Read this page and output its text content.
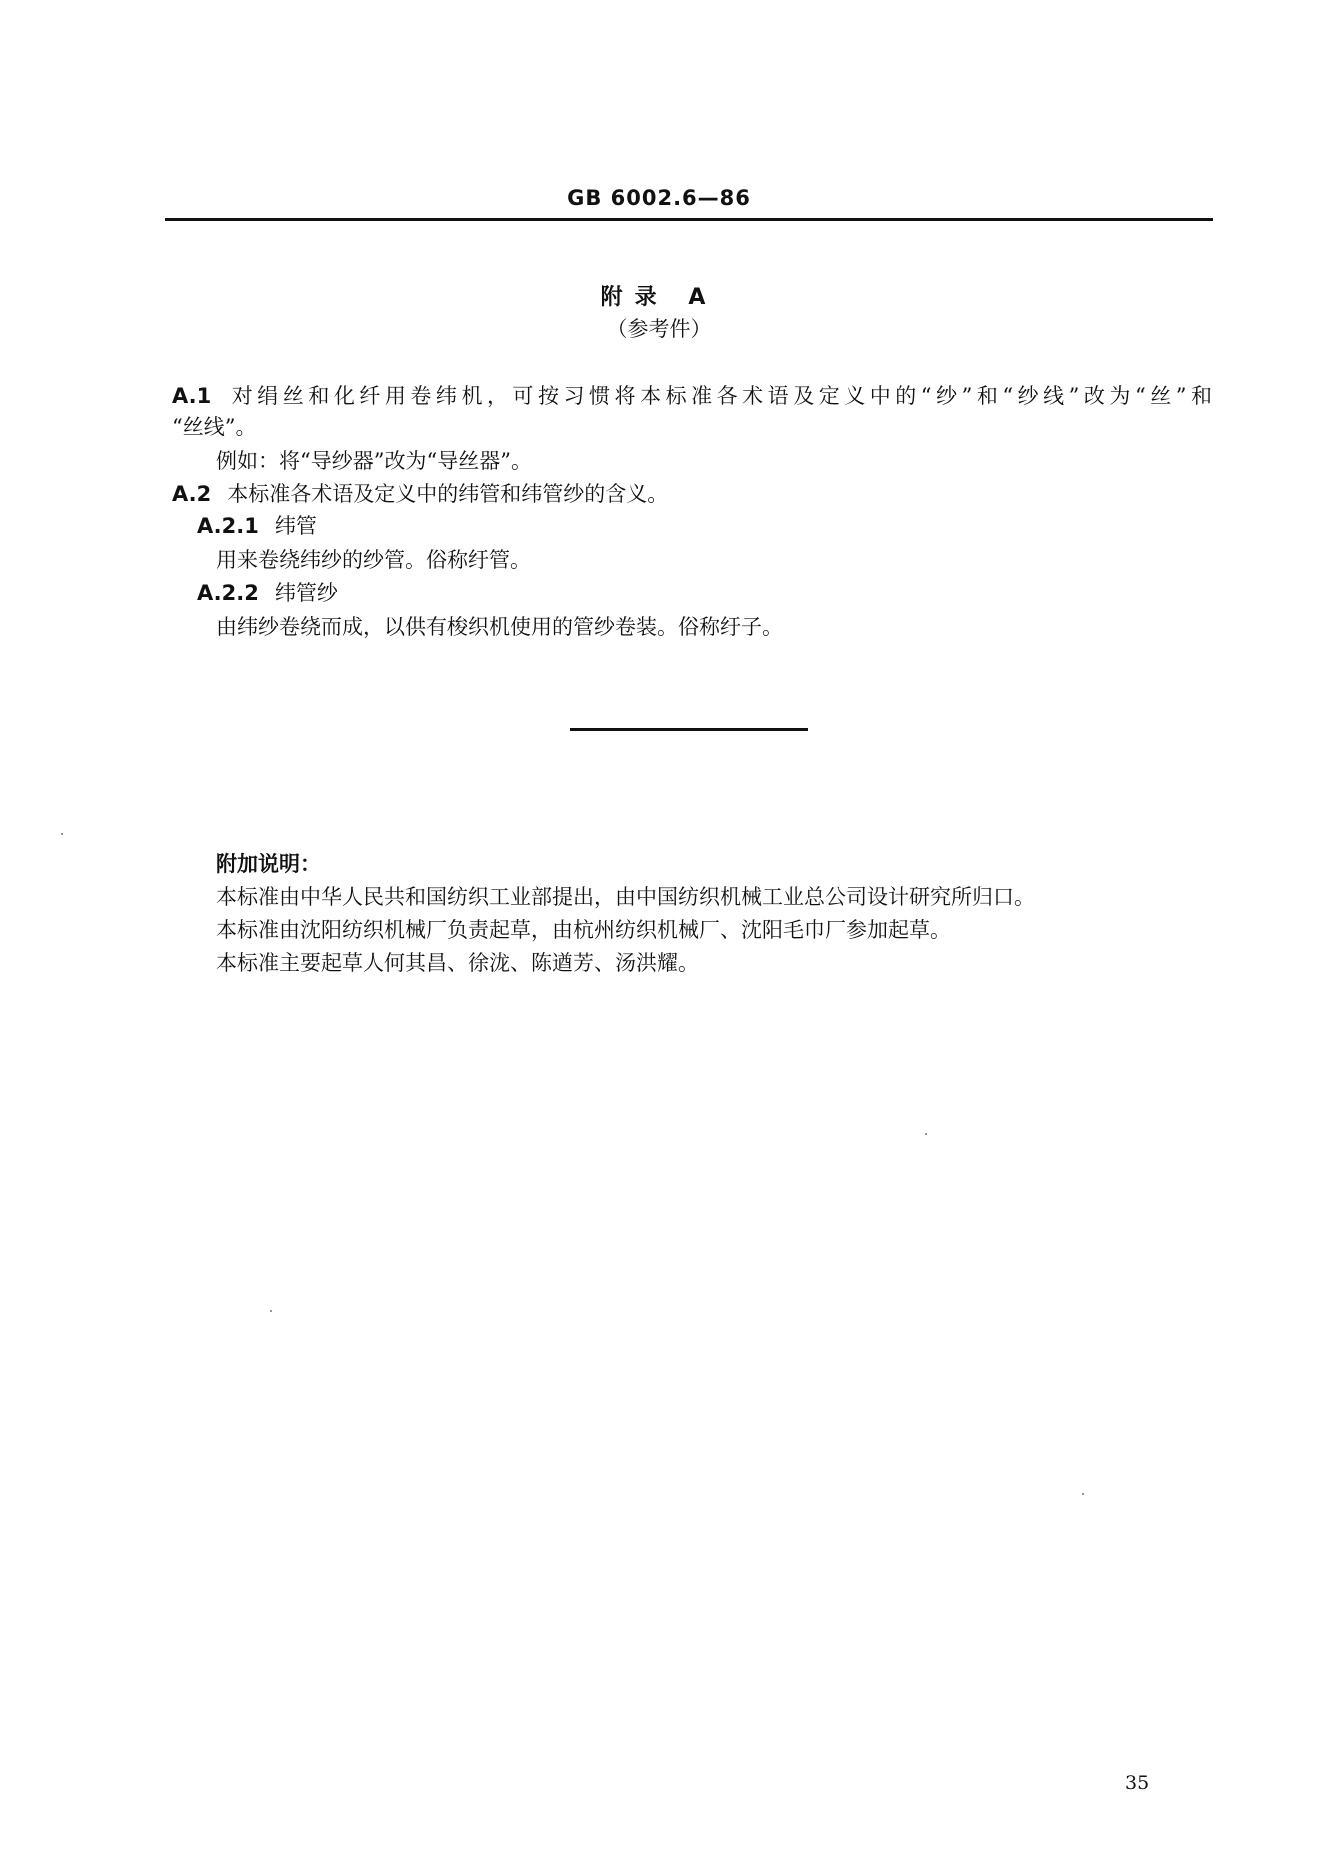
GB 6002.6—86
附录 A
（参考件）
A.1 对绢丝和化纤用卷纬机，可按习惯将本标准各术语及定义中的“纱”和“纱线”改为“丝”和
“丝线”。
例如：将“导纱器”改为“导丝器”。
A.2 本标准各术语及定义中的纬管和纬管纱的含义。
A.2.1 纬管
用来卷绕纬纱的纱管。俗称纡管。
A.2.2 纬管纱
由纬纱卷绕而成，以供有梭织机使用的管纱卷装。俗称纡子。
附加说明：
本标准由中华人民共和国纺织工业部提出，由中国纺织机械工业总公司设计研究所归口。
本标准由沈阳纺织机械厂负责起草，由杭州纺织机械厂、沈阳毛巾厂参加起草。
本标准主要起草人何其昌、徐泷、陈遒芳、汤洪耀。
35
